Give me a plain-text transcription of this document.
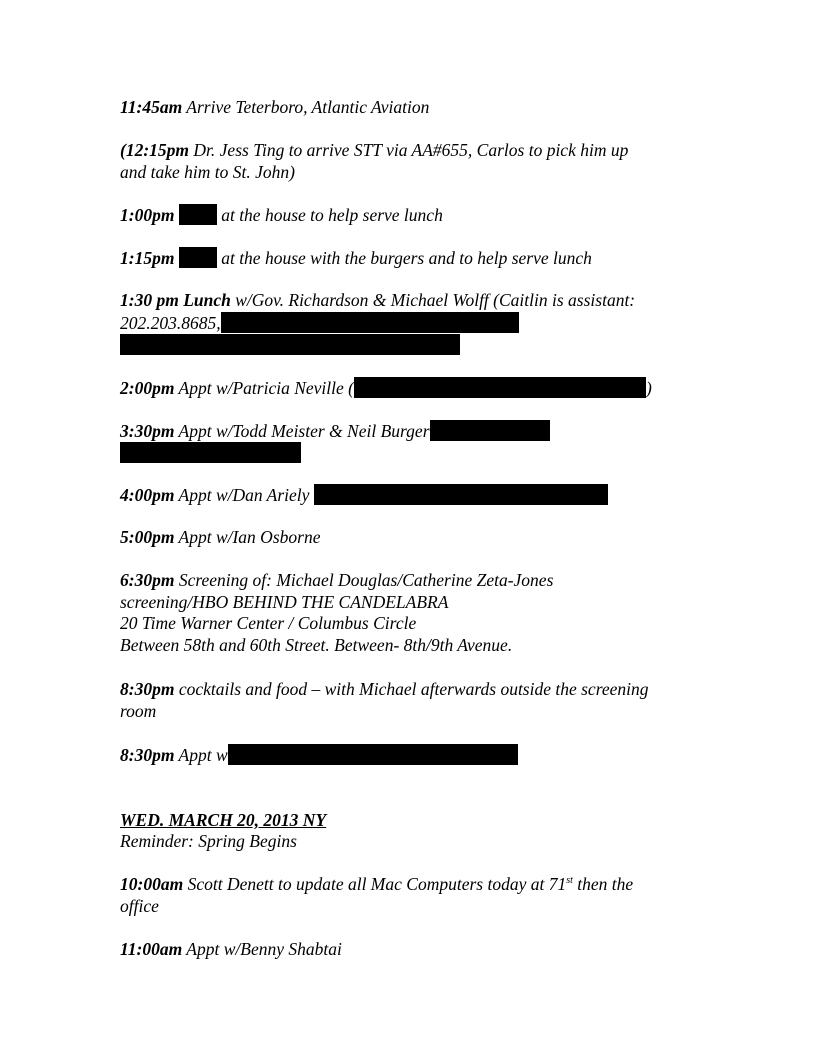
11:45am Arrive Teterboro, Atlantic Aviation
(12:15pm Dr. Jess Ting to arrive STT via AA#655, Carlos to pick him up
and take him to St. John)
1:00pm	at the house to help serve lunch
1:15pm	at the house with the burgers and to help serve lunch
1:30 pm Lunch w/Gov. Richardson & Michael Wolff (Caitlin is assistant:
202.203.8685,
2:00pm Appt w/Patricia Neville (	)
3:30pm Appt w/Todd Meister & Neil Burger
4:00pm Appt w/Dan Ariely
5:00pm Appt w/Ian Osborne
6:30pm Screening of: Michael Douglas/Catherine Zeta-Jones
screening/HBO BEHIND THE CANDELABRA
20 Time Warner Center / Columbus Circle
Between 58th and 60th Street. Between- 8th/9th Avenue.
8:30pm cocktails and food – with Michael afterwards outside the screening
room
8:30pm Appt w
WED. MARCH 20, 2013 NY
Reminder: Spring Begins
10:00am Scott Denett to update all Mac Computers today at 71st then the
office
11:00am Appt w/Benny Shabtai
